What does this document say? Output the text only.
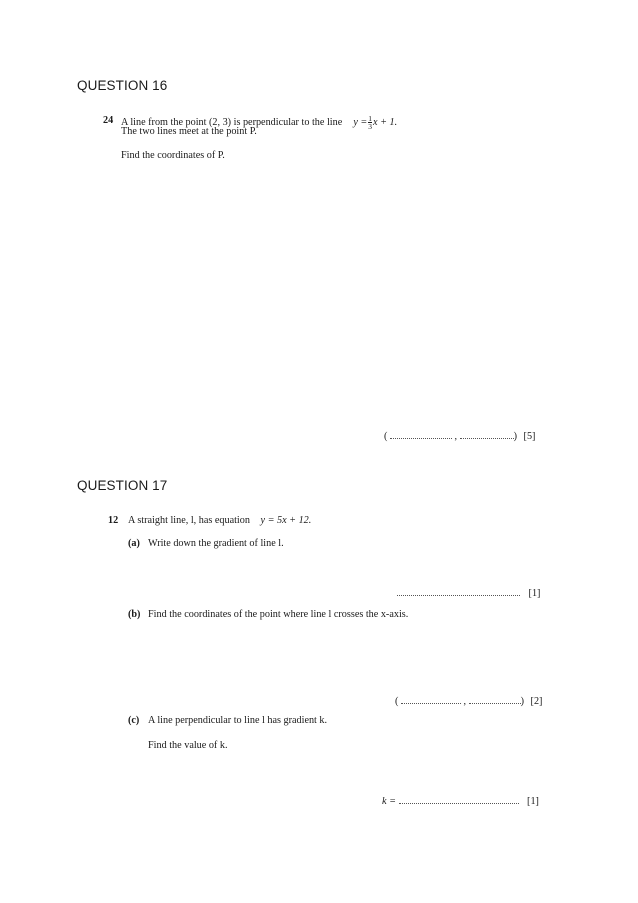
QUESTION 16
24 A line from the point (2, 3) is perpendicular to the line $y = \frac{1}{3}$ x + 1.
The two lines meet at the point P.
Find the coordinates of P.
(	,	) [5]
QUESTION 17
12 A straight line, l, has equation y = 5x + 12.
(a) Write down the gradient of line l.
[1]
(b) Find the coordinates of the point where line l crosses the x-axis.
(	,	) [2]
(c) A line perpendicular to line l has gradient k.
Find the value of k.
k =	[1]
